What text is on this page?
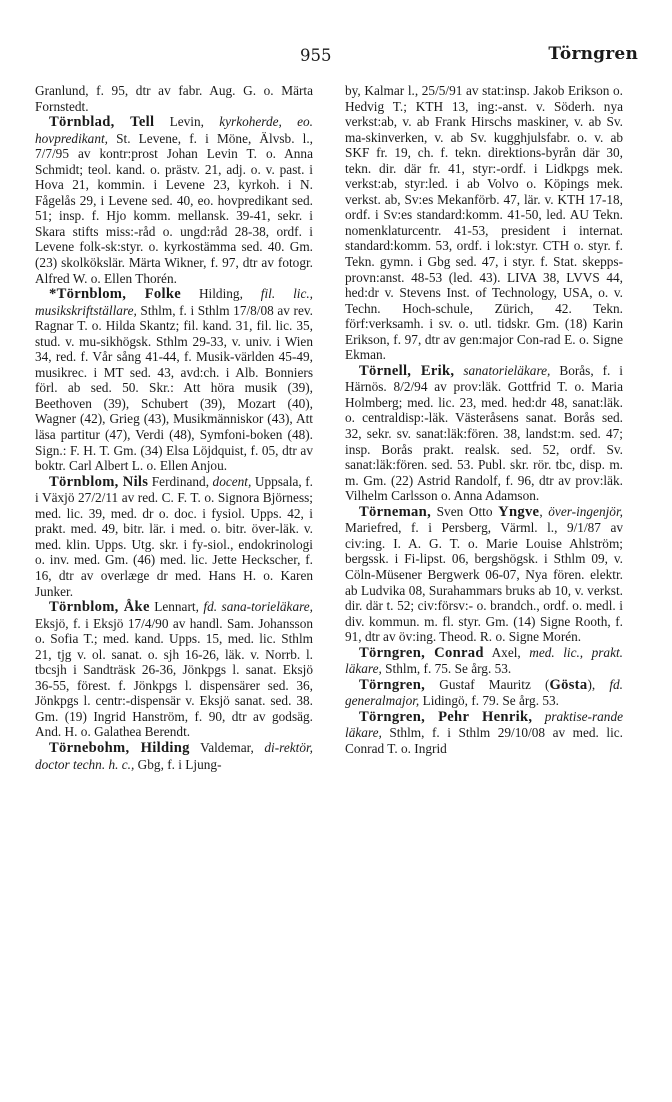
955	Törngren

Granlund, f. 95, dtr av fabr. Aug. G. o. Märta Fornstedt.

Törnblad, Tell Levin, kyrkoherde, eo. hovpredikant, St. Levene, f. i Möne, Älvsb. l., 7/7/95 av kontr:prost Johan Levin T. o. Anna Schmidt; teol. kand. o. prästv. 21, adj. o. v. past. i Hova 21, kommin. i Levene 23, kyrkoh. i N. Fågelås 29, i Levene sed. 40, eo. hovpredikant sed. 51; insp. f. Hjo komm. mellansk. 39-41, sekr. i Skara stifts miss:-råd o. ungd:råd 28-38, ordf. i Levene folk-sk:styr. o. kyrkostämma sed. 40. Gm. (23) skolkökslär. Märta Wikner, f. 97, dtr av fotogr. Alfred W. o. Ellen Thorén.

*Törnblom, Folke Hilding, fil. lic., musikskriftställare, Sthlm, f. i Sthlm 17/8/08 av rev. Ragnar T. o. Hilda Skantz; fil. kand. 31, fil. lic. 35, stud. v. mu-sikhögsk. Sthlm 29-33, v. univ. i Wien 34, red. f. Vår sång 41-44, f. Musik-världen 45-49, musikrec. i MT sed. 43, avd:ch. i Alb. Bonniers förl. ab sed. 50. Skr.: Att höra musik (39), Beethoven (39), Schubert (39), Mozart (40), Wagner (42), Grieg (43), Musikmänniskor (43), Att läsa partitur (47), Verdi (48), Symfoni-boken (48). Sign.: F. H. T. Gm. (34) Elsa Löjdquist, f. 05, dtr av boktr. Carl Albert L. o. Ellen Anjou.

Törnblom, Nils Ferdinand, docent, Uppsala, f. i Växjö 27/2/11 av red. C. F. T. o. Signora Björness; med. lic. 39, med. dr o. doc. i fysiol. Upps. 42, i prakt. med. 49, bitr. lär. i med. o. bitr. över-läk. v. med. klin. Upps. Utg. skr. i fy-siol., endokrinologi o. inv. med. Gm. (46) med. lic. Jette Heckscher, f. 16, dtr av overlæge dr med. Hans H. o. Karen Junker.

Törnblom, Åke Lennart, fd. sana-torieläkare, Eksjö, f. i Eksjö 17/4/90 av handl. Sam. Johansson o. Sofia T.; med. kand. Upps. 15, med. lic. Sthlm 21, tjg v. ol. sanat. o. sjh 16-26, läk. v. Norrb. l. tbcsjh i Sandträsk 26-36, Jönkpgs l. sanat. Eksjö 36-55, förest. f. Jönkpgs l. dispensärer sed. 36, Jönkpgs l. centr:-dispensär v. Eksjö sanat. sed. 38. Gm. (19) Ingrid Hanström, f. 90, dtr av godsäg. And. H. o. Galathea Berendt.

Törnebohm, Hilding Valdemar, di-rektör, doctor techn. h. c., Gbg, f. i Ljung-

by, Kalmar l., 25/5/91 av stat:insp. Jakob Erikson o. Hedvig T.; KTH 13, ing:-anst. v. Söderh. nya verkst:ab, v. ab Frank Hirschs maskiner, v. ab Sv. ma-skinverken, v. ab Sv. kugghjulsfabr. o. v. ab SKF fr. 19, ch. f. tekn. direktions-byrån där 30, tekn. dir. där fr. 41, styr:-ordf. i Lidkpgs mek. verkst:ab, styr:led. i ab Volvo o. Köpings mek. verkst. ab, Sv:es Mekanförb. 47, lär. v. KTH 17-18, ordf. i Sv:es standard:komm. 41-50, led. AU Tekn. nomenklaturcentr. 41-53, president i internat. standard:komm. 53, ordf. i lok:styr. CTH o. styr. f. Tekn. gymn. i Gbg sed. 47, i styr. f. Stat. skepps-provn:anst. 48-53 (led. 43). LIVA 38, LVVS 44, hed:dr v. Stevens Inst. of Technology, USA, o. v. Techn. Hoch-schule, Zürich, 42. Tekn. förf:verksamh. i sv. o. utl. tidskr. Gm. (18) Karin Erikson, f. 97, dtr av gen:major Con-rad E. o. Signe Ekman.

Törnell, Erik, sanatorieläkare, Borås, f. i Härnös. 8/2/94 av prov:läk. Gottfrid T. o. Maria Holmberg; med. lic. 23, med. hed:dr 48, sanat:läk. o. centraldisp:-läk. Västeråsens sanat. Borås sed. 32, sekr. sv. sanat:läk:fören. 38, landst:m. sed. 47; insp. Borås prakt. realsk. sed. 52, ordf. Sv. sanat:läk:fören. sed. 53. Publ. skr. rör. tbc, disp. m. m. Gm. (22) Astrid Randolf, f. 96, dtr av prov:läk. Vilhelm Carlsson o. Anna Adamson.

Törneman, Sven Otto Yngve, över-ingenjör, Mariefred, f. i Persberg, Värml. l., 9/1/87 av civ:ing. I. A. G. T. o. Marie Louise Ahlström; bergssk. i Fi-lipst. 06, bergshögsk. i Sthlm 09, v. Cöln-Müsener Bergwerk 06-07, Nya fören. elektr. ab Ludvika 08, Surahammars bruks ab 10, v. verkst. dir. där t. 52; civ:försv:- o. brandch., ordf. o. medl. i div. kommun. m. fl. styr. Gm. (14) Signe Rooth, f. 91, dtr av öv:ing. Theod. R. o. Signe Morén.

Törngren, Conrad Axel, med. lic., prakt. läkare, Sthlm, f. 75. Se årg. 53.

Törngren, Gustaf Mauritz (Gösta), fd. generalmajor, Lidingö, f. 79. Se årg. 53.

Törngren, Pehr Henrik, praktise-rande läkare, Sthlm, f. i Sthlm 29/10/08 av med. lic. Conrad T. o. Ingrid
